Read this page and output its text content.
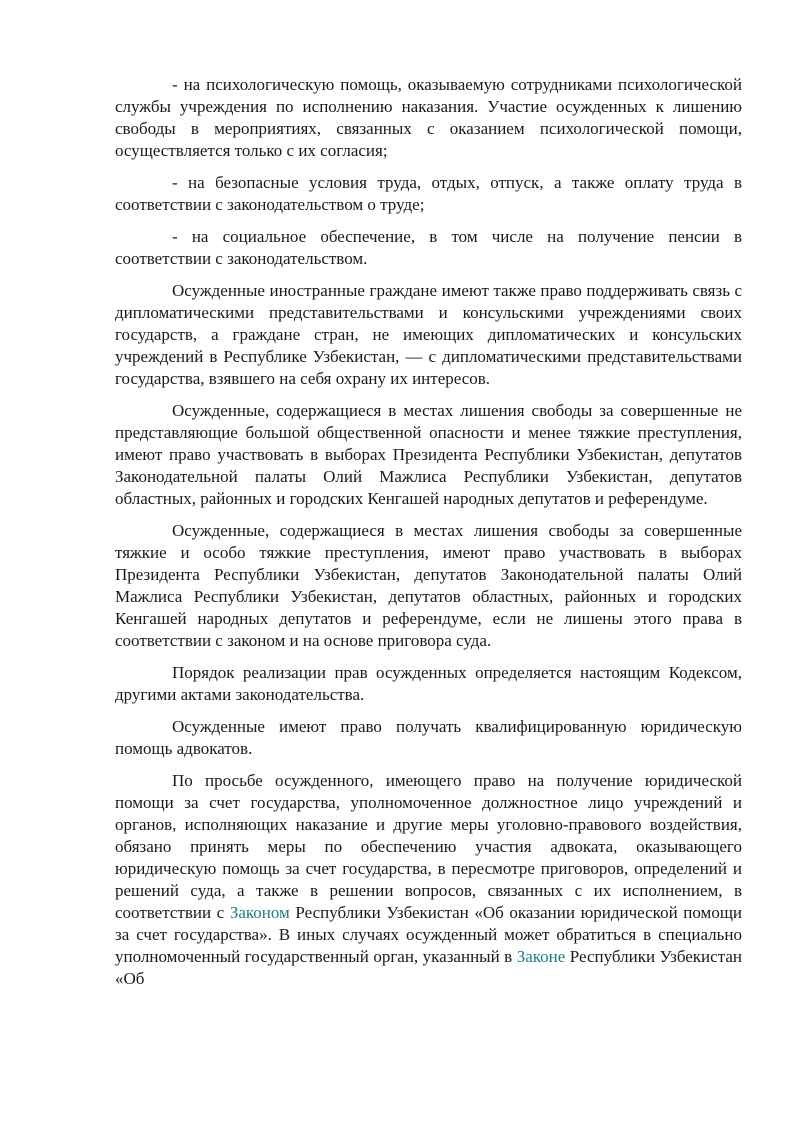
- на психологическую помощь, оказываемую сотрудниками психологической службы учреждения по исполнению наказания. Участие осужденных к лишению свободы в мероприятиях, связанных с оказанием психологической помощи, осуществляется только с их согласия;

- на безопасные условия труда, отдых, отпуск, а также оплату труда в соответствии с законодательством о труде;

- на социальное обеспечение, в том числе на получение пенсии в соответствии с законодательством.

Осужденные иностранные граждане имеют также право поддерживать связь с дипломатическими представительствами и консульскими учреждениями своих государств, а граждане стран, не имеющих дипломатических и консульских учреждений в Республике Узбекистан, — с дипломатическими представительствами государства, взявшего на себя охрану их интересов.

Осужденные, содержащиеся в местах лишения свободы за совершенные не представляющие большой общественной опасности и менее тяжкие преступления, имеют право участвовать в выборах Президента Республики Узбекистан, депутатов Законодательной палаты Олий Мажлиса Республики Узбекистан, депутатов областных, районных и городских Кенгашей народных депутатов и референдуме.

Осужденные, содержащиеся в местах лишения свободы за совершенные тяжкие и особо тяжкие преступления, имеют право участвовать в выборах Президента Республики Узбекистан, депутатов Законодательной палаты Олий Мажлиса Республики Узбекистан, депутатов областных, районных и городских Кенгашей народных депутатов и референдуме, если не лишены этого права в соответствии с законом и на основе приговора суда.

Порядок реализации прав осужденных определяется настоящим Кодексом, другими актами законодательства.

Осужденные имеют право получать квалифицированную юридическую помощь адвокатов.

По просьбе осужденного, имеющего право на получение юридической помощи за счет государства, уполномоченное должностное лицо учреждений и органов, исполняющих наказание и другие меры уголовно-правового воздействия, обязано принять меры по обеспечению участия адвоката, оказывающего юридическую помощь за счет государства, в пересмотре приговоров, определений и решений суда, а также в решении вопросов, связанных с их исполнением, в соответствии с Законом Республики Узбекистан «Об оказании юридической помощи за счет государства». В иных случаях осужденный может обратиться в специально уполномоченный государственный орган, указанный в Законе Республики Узбекистан «Об
